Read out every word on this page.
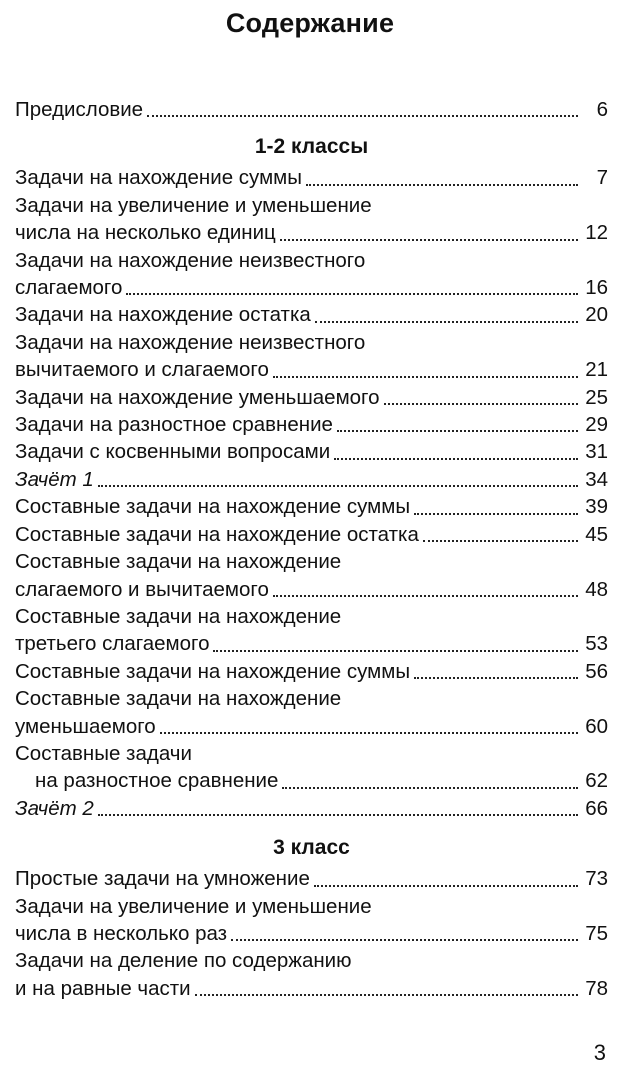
Содержание
Предисловие	6
1-2 классы
Задачи на нахождение суммы	7
Задачи на увеличение и уменьшение
числа на несколько единиц	12
Задачи на нахождение неизвестного
слагаемого	16
Задачи на нахождение остатка	20
Задачи на нахождение неизвестного
вычитаемого и слагаемого	21
Задачи на нахождение уменьшаемого	25
Задачи на разностное сравнение	29
Задачи с косвенными вопросами	31
Зачёт 1	34
Составные задачи на нахождение суммы	39
Составные задачи на нахождение остатка	45
Составные задачи на нахождение
слагаемого и вычитаемого	48
Составные задачи на нахождение
третьего слагаемого	53
Составные задачи на нахождение суммы	56
Составные задачи на нахождение
уменьшаемого	60
Составные задачи
на разностное сравнение	62
Зачёт 2	66
3 класс
Простые задачи на умножение	73
Задачи на увеличение и уменьшение
числа в несколько раз	75
Задачи на деление по содержанию
и на равные части	78
3
